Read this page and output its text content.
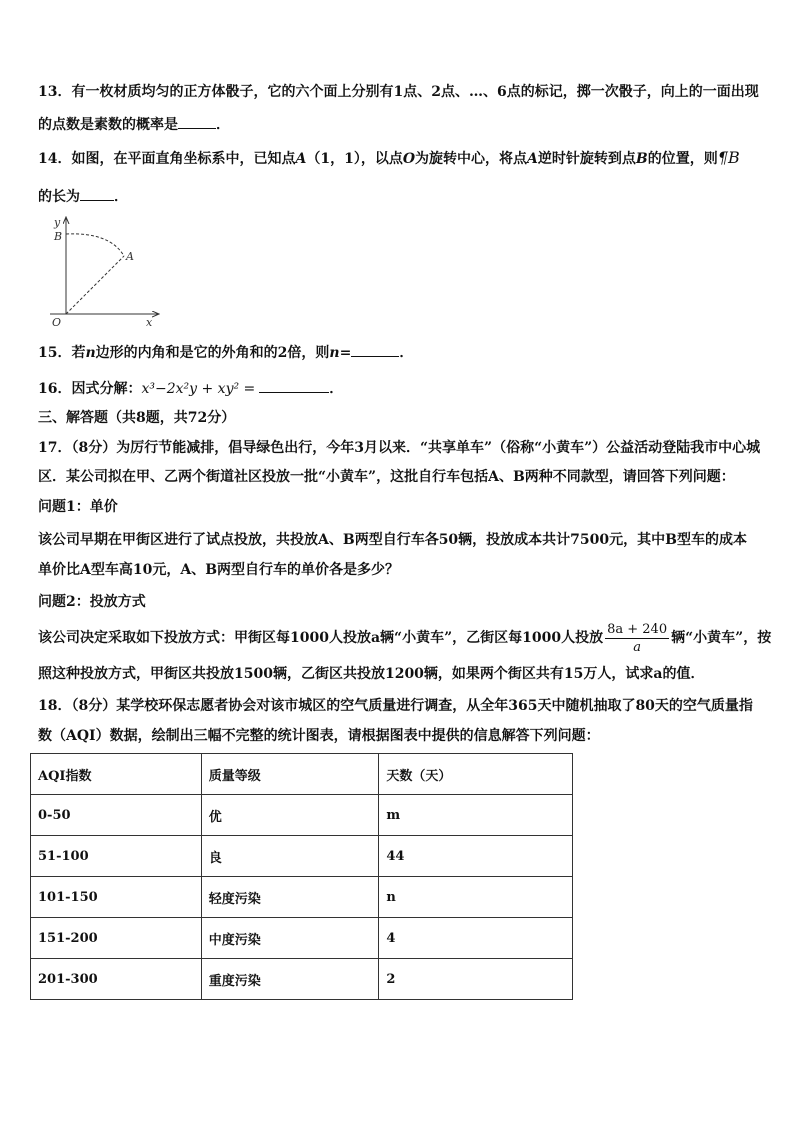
13．有一枚材质均匀的正方体骰子，它的六个面上分别有1点、2点、…、6点的标记，掷一次骰子，向上的一面出现
的点数是素数的概率是	．
14．如图，在平面直角坐标系中，已知点A（1，1），以点O为旋转中心，将点A逆时针旋转到点B的位置，则¶B
的长为 ．
y
x
O
A
B
15．若n边形的内角和是它的外角和的2倍，则n=	．
16．因式分解：x³−2x²y + xy² =	．
三、解答题（共8题，共72分）
17．（8分）为厉行节能减排，倡导绿色出行，今年3月以来．“共享单车”（俗称“小黄车”）公益活动登陆我市中心城
区．某公司拟在甲、乙两个街道社区投放一批“小黄车”，这批自行车包括A、B两种不同款型，请回答下列问题：
问题1：单价
该公司早期在甲街区进行了试点投放，共投放A、B两型自行车各50辆，投放成本共计7500元，其中B型车的成本
单价比A型车高10元，A、B两型自行车的单价各是多少？
问题2：投放方式
该公司决定采取如下投放方式：甲街区每1000人投放a辆“小黄车”，乙街区每1000人投放 $\frac{8a + 240}{a}$ 辆“小黄车”，按
照这种投放方式，甲街区共投放1500辆，乙街区共投放1200辆，如果两个街区共有15万人，试求a的值．
18．（8分）某学校环保志愿者协会对该市城区的空气质量进行调查，从全年365天中随机抽取了80天的空气质量指
数（AQI）数据，绘制出三幅不完整的统计图表，请根据图表中提供的信息解答下列问题：
AQI指数	质量等级	天数（天）
0-50	优	m
51-100	良	44
101-150	轻度污染	n
151-200	中度污染	4
201-300	重度污染	2
